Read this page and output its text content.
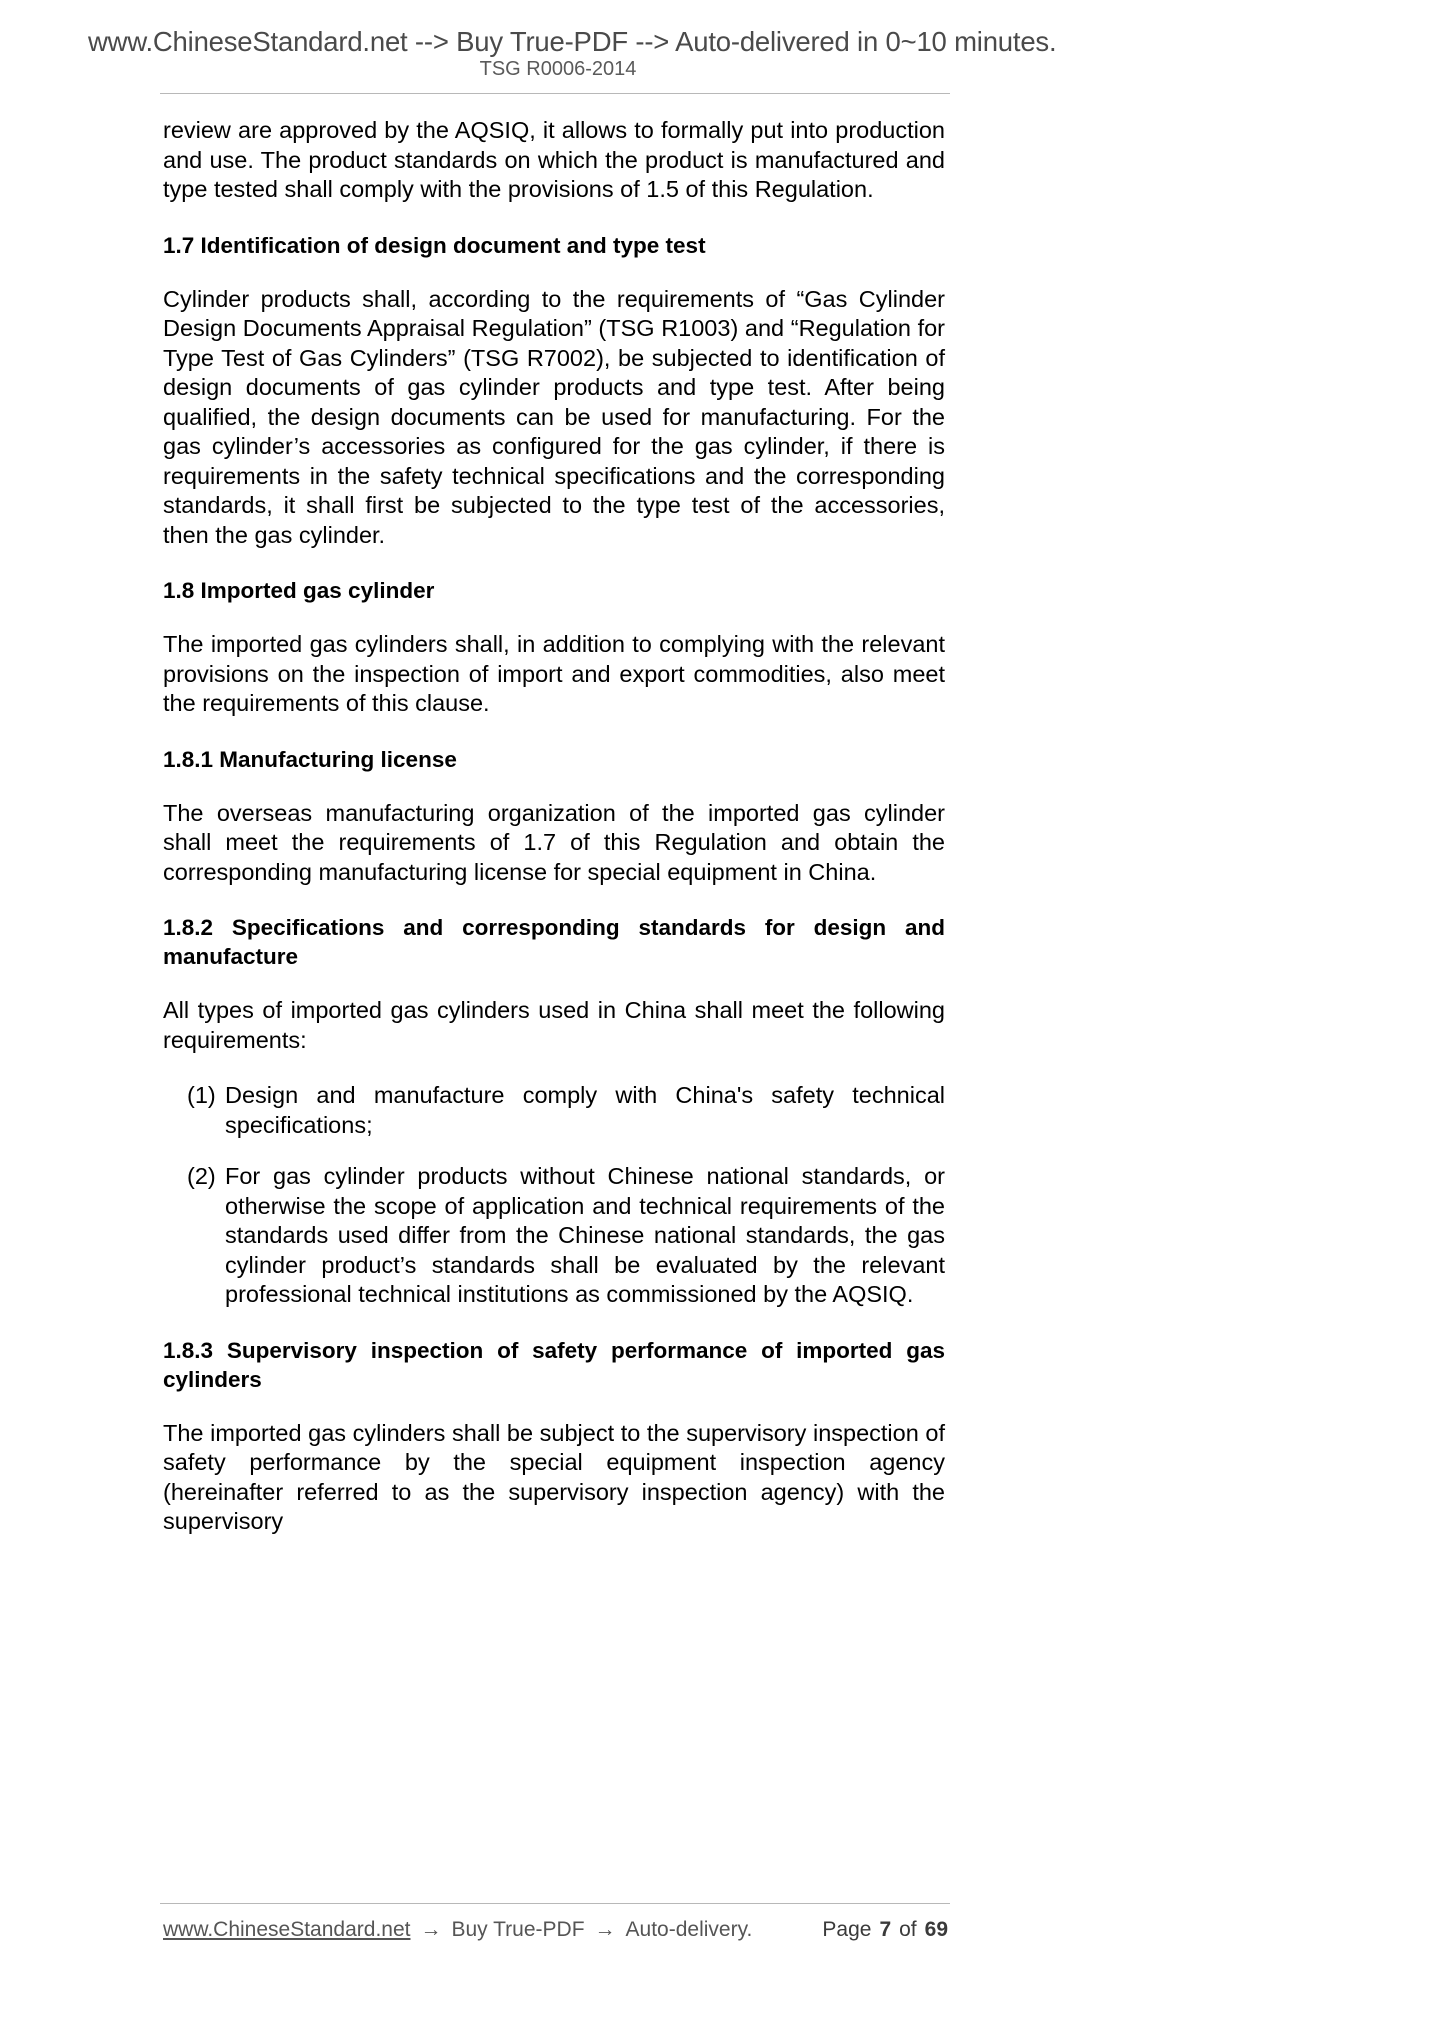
www.ChineseStandard.net --> Buy True-PDF --> Auto-delivered in 0~10 minutes.
TSG R0006-2014

review are approved by the AQSIQ, it allows to formally put into production and use. The product standards on which the product is manufactured and type tested shall comply with the provisions of 1.5 of this Regulation.

1.7 Identification of design document and type test

Cylinder products shall, according to the requirements of “Gas Cylinder Design Documents Appraisal Regulation” (TSG R1003) and “Regulation for Type Test of Gas Cylinders” (TSG R7002), be subjected to identification of design documents of gas cylinder products and type test. After being qualified, the design documents can be used for manufacturing. For the gas cylinder’s accessories as configured for the gas cylinder, if there is requirements in the safety technical specifications and the corresponding standards, it shall first be subjected to the type test of the accessories, then the gas cylinder.

1.8 Imported gas cylinder

The imported gas cylinders shall, in addition to complying with the relevant provisions on the inspection of import and export commodities, also meet the requirements of this clause.

1.8.1 Manufacturing license

The overseas manufacturing organization of the imported gas cylinder shall meet the requirements of 1.7 of this Regulation and obtain the corresponding manufacturing license for special equipment in China.

1.8.2 Specifications and corresponding standards for design and manufacture

All types of imported gas cylinders used in China shall meet the following requirements:

(1) Design and manufacture comply with China's safety technical specifications;
(2) For gas cylinder products without Chinese national standards, or otherwise the scope of application and technical requirements of the standards used differ from the Chinese national standards, the gas cylinder product’s standards shall be evaluated by the relevant professional technical institutions as commissioned by the AQSIQ.
1.8.3 Supervisory inspection of safety performance of imported gas cylinders

The imported gas cylinders shall be subject to the supervisory inspection of safety performance by the special equipment inspection agency (hereinafter referred to as the supervisory inspection agency) with the supervisory

www.ChineseStandard.net → Buy True-PDF → Auto-delivery.	Page 7 of 69
